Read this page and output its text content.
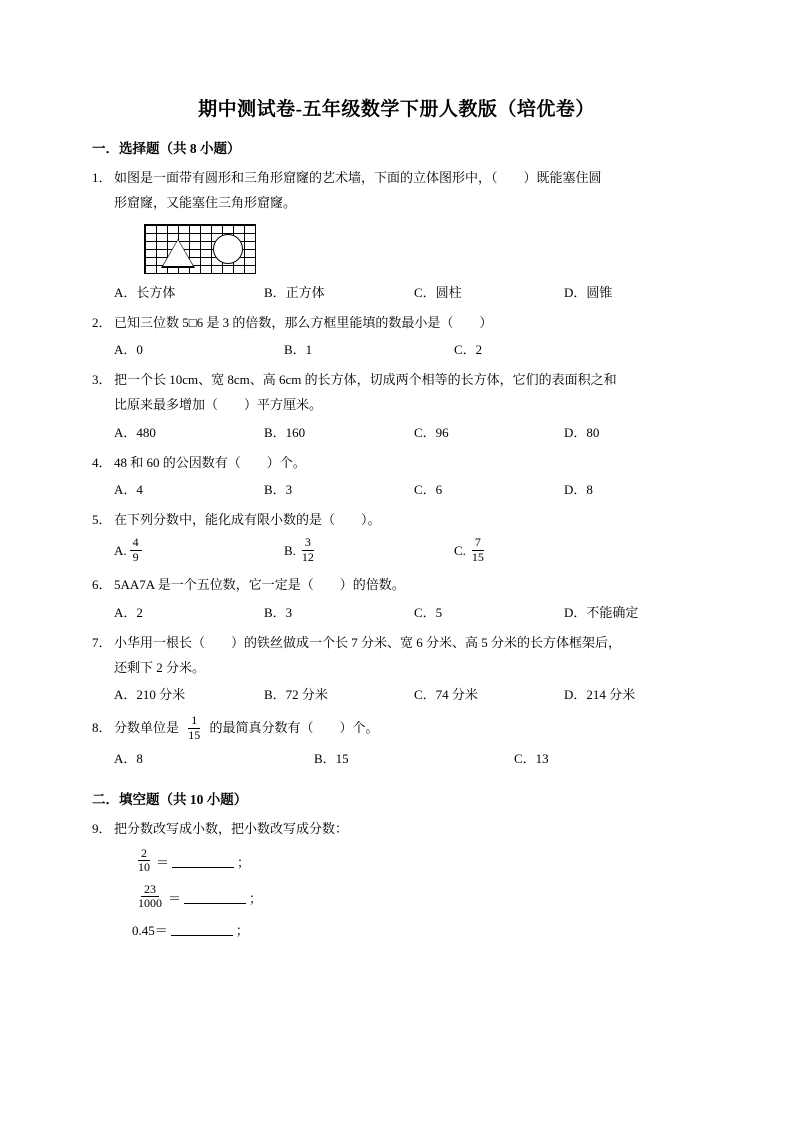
期中测试卷-五年级数学下册人教版（培优卷）
一．选择题（共 8 小题）
1． 如图是一面带有圆形和三角形窟窿的艺术墙，下面的立体图形中，（　　）既能塞住圆
形窟窿，又能塞住三角形窟窿。
A．长方体	B．正方体	C．圆柱	D．圆锥
2． 已知三位数 5□6 是 3 的倍数，那么方框里能填的数最小是（　　）
A．0	B．1	C．2
3． 把一个长 10cm、宽 8cm、高 6cm 的长方体，切成两个相等的长方体，它们的表面积之和
比原来最多增加（　　）平方厘米。
A．480	B．160	C．96	D．80
4． 48 和 60 的公因数有（　　）个。
A．4	B．3	C．6	D．8
5． 在下列分数中，能化成有限小数的是（　　）。
A. $\frac{4}{9}$	B. $\frac{3}{12}$	C. $\frac{7}{15}$
6． 5AA7A 是一个五位数，它一定是（　　）的倍数。
A．2	B．3	C．5	D．不能确定
7． 小华用一根长（　　）的铁丝做成一个长 7 分米、宽 6 分米、高 5 分米的长方体框架后，
还剩下 2 分米。
A．210 分米	B．72 分米	C．74 分米	D．214 分米
8． 分数单位是 $\frac{1}{15}$ 的最简真分数有（　　）个。
A．8	B．15	C．13
二．填空题（共 10 小题）
9． 把分数改写成小数，把小数改写成分数：
$\frac{2}{10}$ ＝	；
$\frac{23}{1000}$ ＝	；
0.45＝	；
